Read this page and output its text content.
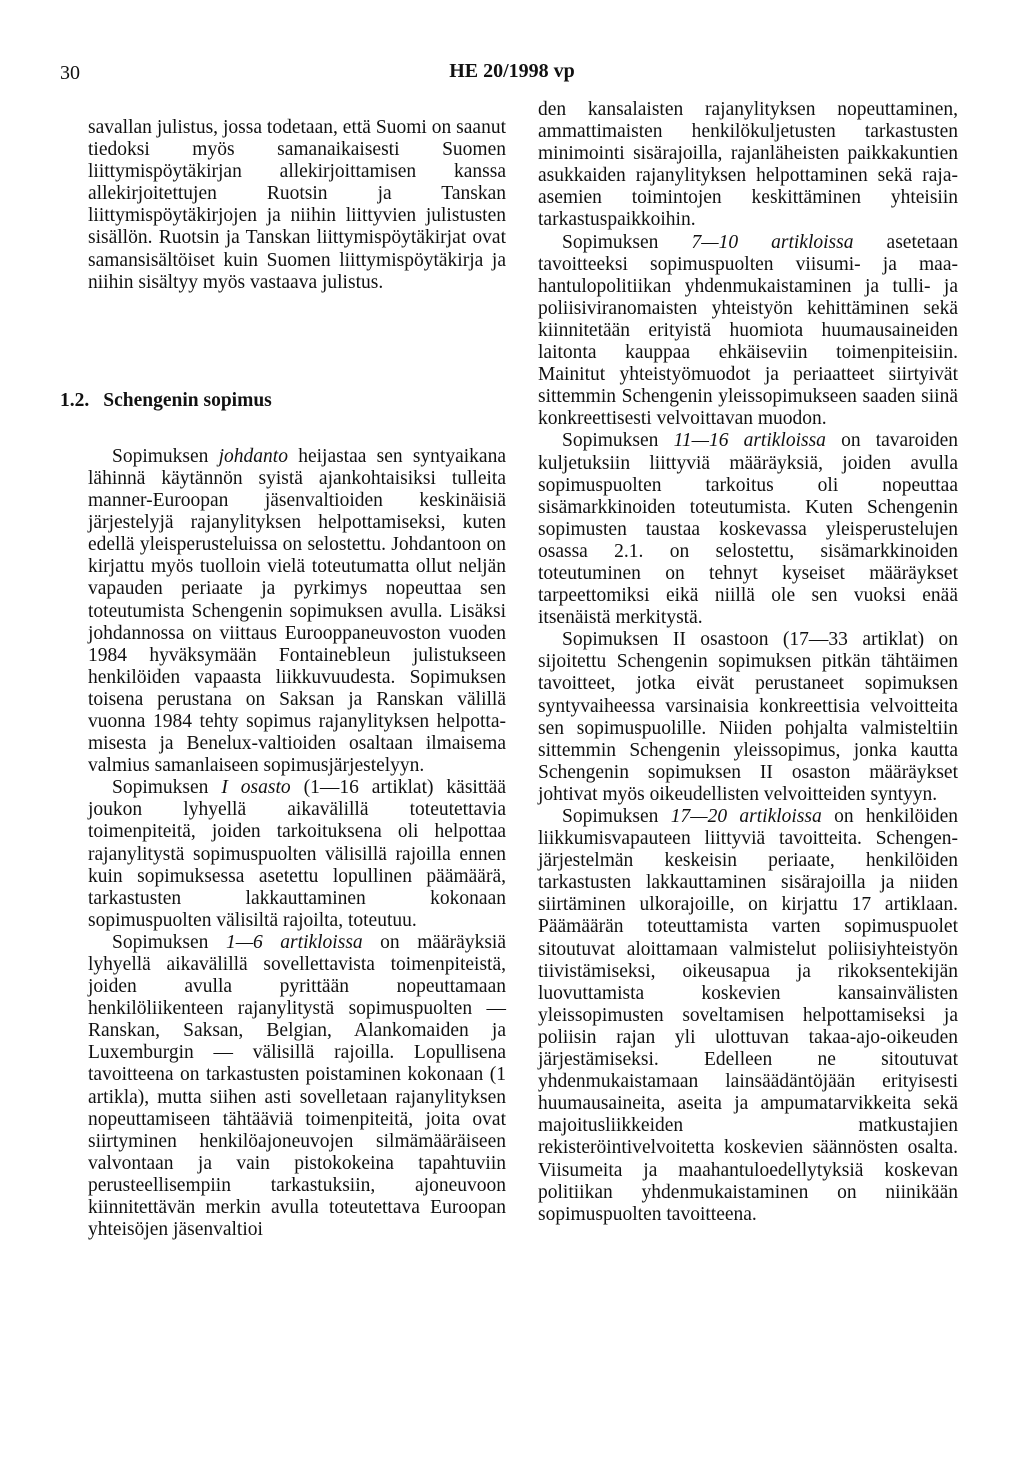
30	HE 20/1998 vp

savallan julistus, jossa todetaan, että Suomi on saanut tiedoksi myös samanaikaisesti Suomen liittymispöytäkirjan allekirjoittamisen kanssa allekirjoitettujen Ruotsin ja Tanskan liittymispöytäkirjojen ja niihin liittyvien julistusten sisällön. Ruotsin ja Tanskan liittymispöytäkirjat ovat samansisältöiset kuin Suomen liittymispöytäkirja ja niihin sisältyy myös vastaava julistus.

1.2. Schengenin sopimus

Sopimuksen johdanto heijastaa sen syntyaikana lähinnä käytännön syistä ajankohtaisiksi tulleita manner-Euroopan jäsenvaltioiden keskinäisiä järjestelyjä rajanylityksen helpottamiseksi, kuten edellä yleisperusteluissa on selostettu. Johdantoon on kirjattu myös tuolloin vielä toteutumatta ollut neljän vapauden periaate ja pyrkimys nopeuttaa sen toteutumista Schengenin sopimuksen avulla. Lisäksi johdannossa on viittaus Eurooppaneuvoston vuoden 1984 hyväksymään Fontainebleun julistukseen henkilöiden vapaasta liikkuvuudesta. Sopimuksen toisena perustana on Saksan ja Ranskan välillä vuonna 1984 tehty sopimus rajanylityksen helpottamisesta ja Benelux-valtioiden osaltaan ilmaisema valmius samanlaiseen sopimusjärjestelyyn.

Sopimuksen I osasto (1—16 artiklat) käsittää joukon lyhyellä aikavälillä toteutettavia toimenpiteitä, joiden tarkoituksena oli helpottaa rajanylitystä sopimuspuolten välisillä rajoilla ennen kuin sopimuksessa asetettu lopullinen päämäärä, tarkastusten lakkauttaminen kokonaan sopimuspuolten välisiltä rajoilta, toteutuu.

Sopimuksen 1—6 artikloissa on määräyksiä lyhyellä aikavälillä sovellettavista toimenpiteistä, joiden avulla pyrittään nopeuttamaan henkilöliikenteen rajanylitystä sopimuspuolten — Ranskan, Saksan, Belgian, Alankomaiden ja Luxemburgin — välisillä rajoilla. Lopullisena tavoitteena on tarkastusten poistaminen kokonaan (1 artikla), mutta siihen asti sovelletaan rajanylityksen nopeuttamiseen tähtääviä toimenpiteitä, joita ovat siirtyminen henkilöajoneuvojen silmämääräiseen valvontaan ja vain pistokokeina tapahtuviin perusteellisempiin tarkastuksiin, ajoneuvoon kiinnitettävän merkin avulla toteutettava Euroopan yhteisöjen jäsenvaltioi

den kansalaisten rajanylityksen nopeuttaminen, ammattimaisten henkilökuljetusten tarkastusten minimointi sisärajoilla, rajanläheisten paikkakuntien asukkaiden rajanylityksen helpottaminen sekä raja-asemien toimintojen keskittäminen yhteisiin tarkastuspaikkoihin.

Sopimuksen 7—10 artikloissa asetetaan tavoitteeksi sopimuspuolten viisumi- ja maahantulopolitiikan yhdenmukaistaminen ja tulli- ja poliisiviranomaisten yhteistyön kehittäminen sekä kiinnitetään erityistä huomiota huumausaineiden laitonta kauppaa ehkäiseviin toimenpiteisiin. Mainitut yhteistyömuodot ja periaatteet siirtyivät sittemmin Schengenin yleissopimukseen saaden siinä konkreettisesti velvoittavan muodon.

Sopimuksen 11—16 artikloissa on tavaroiden kuljetuksiin liittyviä määräyksiä, joiden avulla sopimuspuolten tarkoitus oli nopeuttaa sisämarkkinoiden toteutumista. Kuten Schengenin sopimusten taustaa koskevassa yleisperustelujen osassa 2.1. on selostettu, sisämarkkinoiden toteutuminen on tehnyt kyseiset määräykset tarpeettomiksi eikä niillä ole sen vuoksi enää itsenäistä merkitystä.

Sopimuksen II osastoon (17—33 artiklat) on sijoitettu Schengenin sopimuksen pitkän tähtäimen tavoitteet, jotka eivät perustaneet sopimuksen syntyvaiheessa varsinaisia konkreettisia velvoitteita sen sopimuspuolille. Niiden pohjalta valmisteltiin sittemmin Schengenin yleissopimus, jonka kautta Schengenin sopimuksen II osaston määräykset johtivat myös oikeudellisten velvoitteiden syntyyn.

Sopimuksen 17—20 artikloissa on henkilöiden liikkumisvapauteen liittyviä tavoitteita. Schengen-järjestelmän keskeisin periaate, henkilöiden tarkastusten lakkauttaminen sisärajoilla ja niiden siirtäminen ulkorajoille, on kirjattu 17 artiklaan. Päämäärän toteuttamista varten sopimuspuolet sitoutuvat aloittamaan valmistelut poliisiyhteistyön tiivistämiseksi, oikeusapua ja rikoksentekijän luovuttamista koskevien kansainvälisten yleissopimusten soveltamisen helpottamiseksi ja poliisin rajan yli ulottuvan takaa-ajo-oikeuden järjestämiseksi. Edelleen ne sitoutuvat yhdenmukaistamaan lainsäädäntöjään erityisesti huumausaineita, aseita ja ampumatarvikkeita sekä majoitusliikkeiden matkustajien rekisteröintivelvoitetta koskevien säännösten osalta. Viisumeita ja maahantuloedellytyksiä koskevan politiikan yhdenmukaistaminen on niinikään sopimuspuolten tavoitteena.
